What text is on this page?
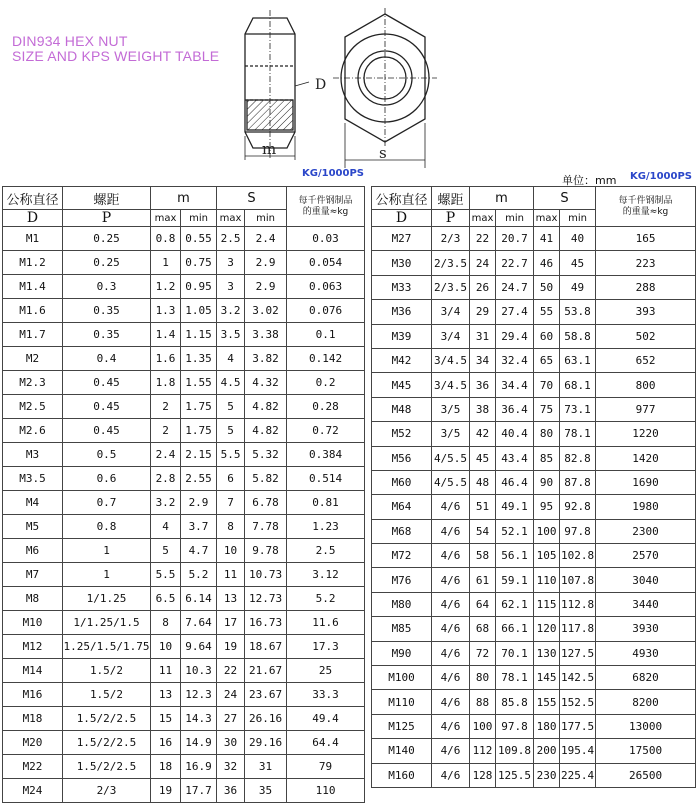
DIN934 HEX NUT
SIZE AND KPS WEIGHT TABLE
D
m	s
KG/1000PS
单位：mm KG/1000PS
公称直径	螺距	m		S		每千件钢制品
的重量≈kg

D	P	max	min	max	min	
M1	0.25	0.8	0.55	2.5	2.4	0.03
M1.2	0.25	1	0.75	3	2.9	0.054
M1.4	0.3	1.2	0.95	3	2.9	0.063
M1.6	0.35	1.3	1.05	3.2	3.02	0.076
M1.7	0.35	1.4	1.15	3.5	3.38	0.1
M2	0.4	1.6	1.35	4	3.82	0.142
M2.3	0.45	1.8	1.55	4.5	4.32	0.2
M2.5	0.45	2	1.75	5	4.82	0.28
M2.6	0.45	2	1.75	5	4.82	0.72
M3	0.5	2.4	2.15	5.5	5.32	0.384
M3.5	0.6	2.8	2.55	6	5.82	0.514
M4	0.7	3.2	2.9	7	6.78	0.81
M5	0.8	4	3.7	8	7.78	1.23
M6	1	5	4.7	10	9.78	2.5
M7	1	5.5	5.2	11	10.73	3.12
M8	1/1.25	6.5	6.14	13	12.73	5.2
M10	1/1.25/1.5	8	7.64	17	16.73	11.6
M12	1.25/1.5/1.75	10	9.64	19	18.67	17.3
M14	1.5/2	11	10.3	22	21.67	25
M16	1.5/2	13	12.3	24	23.67	33.3
M18	1.5/2/2.5	15	14.3	27	26.16	49.4
M20	1.5/2/2.5	16	14.9	30	29.16	64.4
M22	1.5/2/2.5	18	16.9	32	31	79
M24	2/3	19	17.7	36	35	110
公称直径	螺距	m		S		每千件钢制品
的重量≈kg

D	P	max	min	max	min	
M27	2/3	22	20.7	41	40	165
M30	2/3.5	24	22.7	46	45	223
M33	2/3.5	26	24.7	50	49	288
M36	3/4	29	27.4	55	53.8	393
M39	3/4	31	29.4	60	58.8	502
M42	3/4.5	34	32.4	65	63.1	652
M45	3/4.5	36	34.4	70	68.1	800
M48	3/5	38	36.4	75	73.1	977
M52	3/5	42	40.4	80	78.1	1220
M56	4/5.5	45	43.4	85	82.8	1420
M60	4/5.5	48	46.4	90	87.8	1690
M64	4/6	51	49.1	95	92.8	1980
M68	4/6	54	52.1	100	97.8	2300
M72	4/6	58	56.1	105	102.8	2570
M76	4/6	61	59.1	110	107.8	3040
M80	4/6	64	62.1	115	112.8	3440
M85	4/6	68	66.1	120	117.8	3930
M90	4/6	72	70.1	130	127.5	4930
M100	4/6	80	78.1	145	142.5	6820
M110	4/6	88	85.8	155	152.5	8200
M125	4/6	100	97.8	180	177.5	13000
M140	4/6	112	109.8	200	195.4	17500
M160	4/6	128	125.5	230	225.4	26500
